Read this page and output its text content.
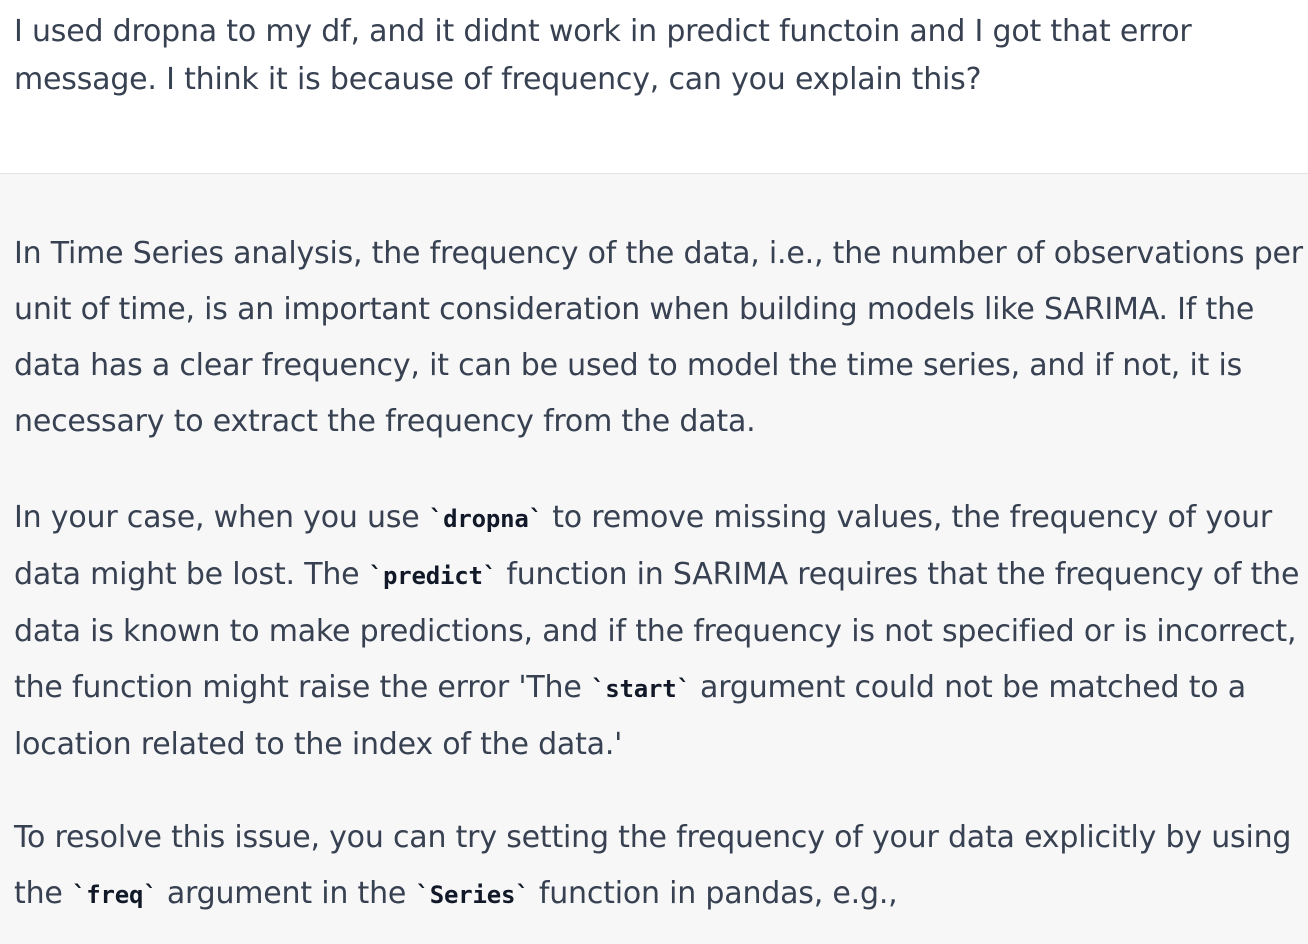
I used dropna to my df, and it didnt work in predict functoin and I got that error
message. I think it is because of frequency, can you explain this?

In Time Series analysis, the frequency of the data, i.e., the number of observations per
unit of time, is an important consideration when building models like SARIMA. If the
data has a clear frequency, it can be used to model the time series, and if not, it is
necessary to extract the frequency from the data.

In your case, when you use `dropna` to remove missing values, the frequency of your
data might be lost. The `predict` function in SARIMA requires that the frequency of the
data is known to make predictions, and if the frequency is not specified or is incorrect,
the function might raise the error 'The `start` argument could not be matched to a
location related to the index of the data.'

To resolve this issue, you can try setting the frequency of your data explicitly by using
the `freq` argument in the `Series` function in pandas, e.g.,
